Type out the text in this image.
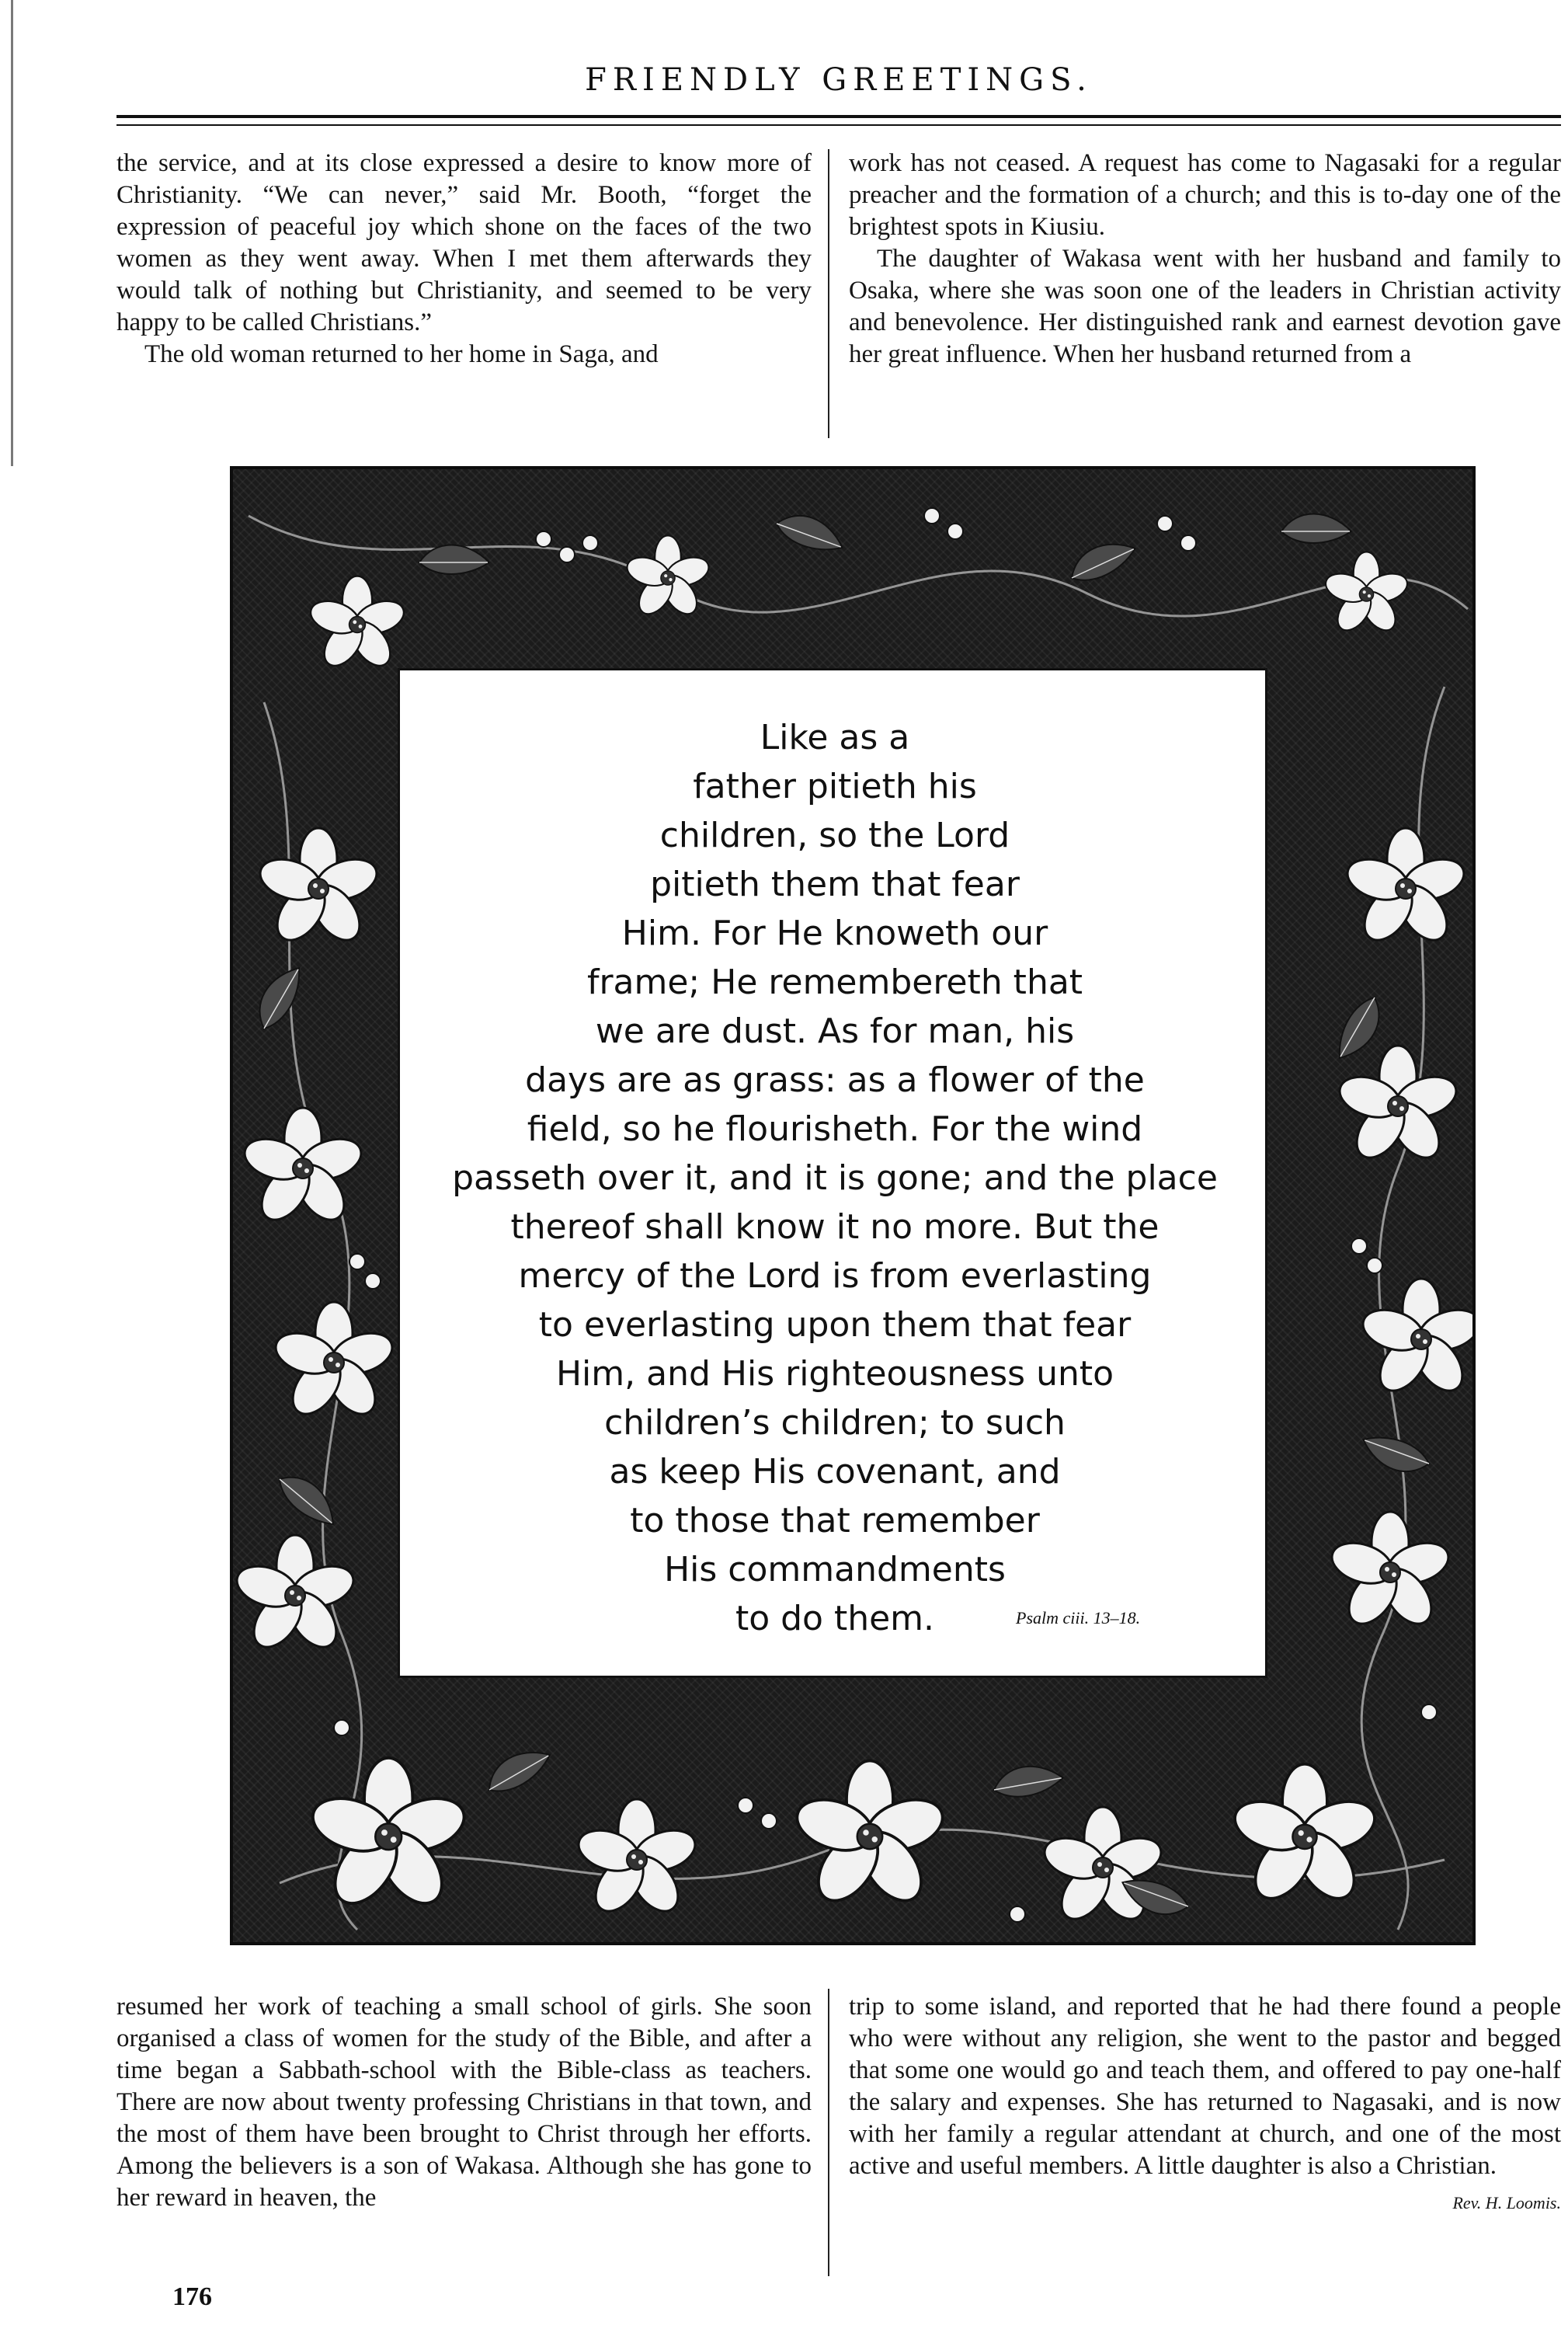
FRIENDLY GREETINGS.

the service, and at its close expressed a desire to know more of Christianity. “We can never,” said Mr. Booth, “forget the expression of peaceful joy which shone on the faces of the two women as they went away. When I met them afterwards they would talk of nothing but Christianity, and seemed to be very happy to be called Christians.”

The old woman returned to her home in Saga, and

work has not ceased. A request has come to Nagasaki for a regular preacher and the formation of a church; and this is to-day one of the brightest spots in Kiusiu.

The daughter of Wakasa went with her husband and family to Osaka, where she was soon one of the leaders in Christian activity and benevolence. Her distinguished rank and earnest devotion gave her great influence. When her husband returned from a

Like as a
father pitieth his
children, so the Lord
pitieth them that fear
Him. For He knoweth our
frame; He remembereth that
we are dust. As for man, his
days are as grass: as a flower of the
field, so he flourisheth. For the wind
passeth over it, and it is gone; and the place
thereof shall know it no more. But the
mercy of the Lord is from everlasting
to everlasting upon them that fear
Him, and His righteousness unto
children’s children; to such
as keep His covenant, and
to those that remember
His commandments
to do them.	Psalm ciii. 13–18.

resumed her work of teaching a small school of girls. She soon organised a class of women for the study of the Bible, and after a time began a Sabbath-school with the Bible-class as teachers. There are now about twenty professing Christians in that town, and the most of them have been brought to Christ through her efforts. Among the believers is a son of Wakasa. Although she has gone to her reward in heaven, the

trip to some island, and reported that he had there found a people who were without any religion, she went to the pastor and begged that some one would go and teach them, and offered to pay one-half the salary and expenses. She has returned to Nagasaki, and is now with her family a regular attendant at church, and one of the most active and useful members. A little daughter is also a Christian.

Rev. H. Loomis.
176
